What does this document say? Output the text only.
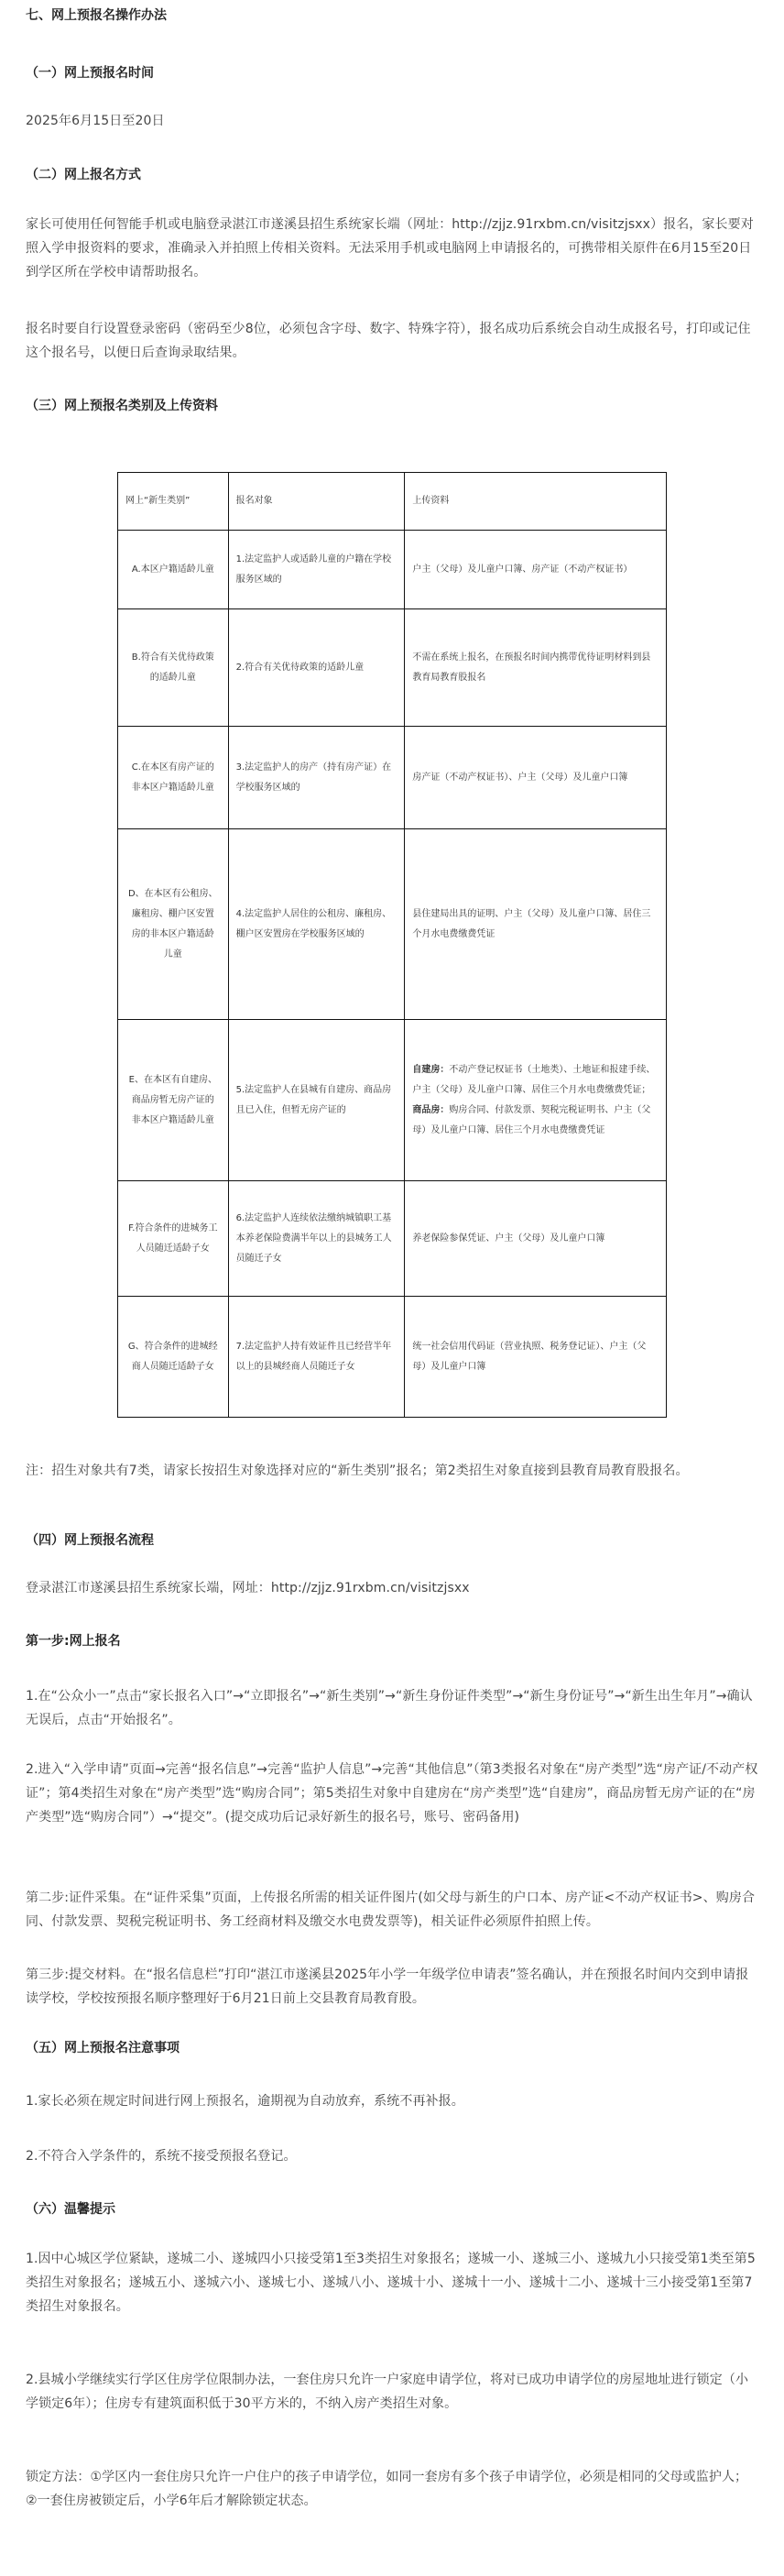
七、网上预报名操作办法

（一）网上预报名时间

2025年6月15日至20日

（二）网上报名方式

家长可使用任何智能手机或电脑登录湛江市遂溪县招生系统家长端（网址：http://zjjz.91rxbm.cn/visitzjsxx）报名，家长要对照入学申报资料的要求，准确录入并拍照上传相关资料。无法采用手机或电脑网上申请报名的，可携带相关原件在6月15至20日到学区所在学校申请帮助报名。

报名时要自行设置登录密码（密码至少8位，必须包含字母、数字、特殊字符），报名成功后系统会自动生成报名号，打印或记住这个报名号，以便日后查询录取结果。

（三）网上预报名类别及上传资料

网上“新生类别”	报名对象	上传资料
A.本区户籍适龄儿童	1.法定监护人或适龄儿童的户籍在学校服务区域的	户主（父母）及儿童户口簿、房产证（不动产权证书）
B.符合有关优待政策的适龄儿童	2.符合有关优待政策的适龄儿童	不需在系统上报名，在预报名时间内携带优待证明材料到县教育局教育股报名
C.在本区有房产证的非本区户籍适龄儿童	3.法定监护人的房产（持有房产证）在学校服务区域的	房产证（不动产权证书）、户主（父母）及儿童户口簿
D、在本区有公租房、廉租房、棚户区安置房的非本区户籍适龄儿童	4.法定监护人居住的公租房、廉租房、棚户区安置房在学校服务区域的	县住建局出具的证明、户主（父母）及儿童户口簿、居住三个月水电费缴费凭证
E、在本区有自建房、商品房暂无房产证的非本区户籍适龄儿童	5.法定监护人在县城有自建房、商品房且已入住，但暂无房产证的	自建房：不动产登记权证书（土地类）、土地证和报建手续、户主（父母）及儿童户口簿、居住三个月水电费缴费凭证；商品房：购房合同、付款发票、契税完税证明书、户主（父母）及儿童户口簿、居住三个月水电费缴费凭证
F.符合条件的进城务工人员随迁适龄子女	6.法定监护人连续依法缴纳城镇职工基本养老保险费满半年以上的县城务工人员随迁子女	养老保险参保凭证、户主（父母）及儿童户口簿
G、符合条件的进城经商人员随迁适龄子女	7.法定监护人持有效证件且已经营半年以上的县城经商人员随迁子女	统一社会信用代码证（营业执照、税务登记证）、户主（父母）及儿童户口簿

注：招生对象共有7类，请家长按招生对象选择对应的“新生类别”报名；第2类招生对象直接到县教育局教育股报名。

（四）网上预报名流程

登录湛江市遂溪县招生系统家长端，网址：http://zjjz.91rxbm.cn/visitzjsxx

第一步:网上报名

1.在“公众小一”点击“家长报名入口”→“立即报名”→“新生类别”→“新生身份证件类型”→“新生身份证号”→“新生出生年月”→确认无误后，点击“开始报名”。

2.进入“入学申请”页面→完善“报名信息”→完善“监护人信息”→完善“其他信息”（第3类报名对象在“房产类型”选“房产证/不动产权证”；第4类招生对象在“房产类型”选“购房合同”；第5类招生对象中自建房在“房产类型”选“自建房”，商品房暂无房产证的在“房产类型”选“购房合同”）→“提交”。(提交成功后记录好新生的报名号，账号、密码备用)

第二步:证件采集。在“证件采集”页面，上传报名所需的相关证件图片(如父母与新生的户口本、房产证<不动产权证书>、购房合同、付款发票、契税完税证明书、务工经商材料及缴交水电费发票等)，相关证件必须原件拍照上传。

第三步:提交材料。在“报名信息栏”打印“湛江市遂溪县2025年小学一年级学位申请表”签名确认，并在预报名时间内交到申请报读学校，学校按预报名顺序整理好于6月21日前上交县教育局教育股。

（五）网上预报名注意事项

1.家长必须在规定时间进行网上预报名，逾期视为自动放弃，系统不再补报。

2.不符合入学条件的，系统不接受预报名登记。

（六）温馨提示

1.因中心城区学位紧缺，遂城二小、遂城四小只接受第1至3类招生对象报名；遂城一小、遂城三小、遂城九小只接受第1类至第5类招生对象报名；遂城五小、遂城六小、遂城七小、遂城八小、遂城十小、遂城十一小、遂城十二小、遂城十三小接受第1至第7类招生对象报名。

2.县城小学继续实行学区住房学位限制办法，一套住房只允许一户家庭申请学位，将对已成功申请学位的房屋地址进行锁定（小学锁定6年）；住房专有建筑面积低于30平方米的，不纳入房产类招生对象。

锁定方法：①学区内一套住房只允许一户住户的孩子申请学位，如同一套房有多个孩子申请学位，必须是相同的父母或监护人；②一套住房被锁定后，小学6年后才解除锁定状态。
